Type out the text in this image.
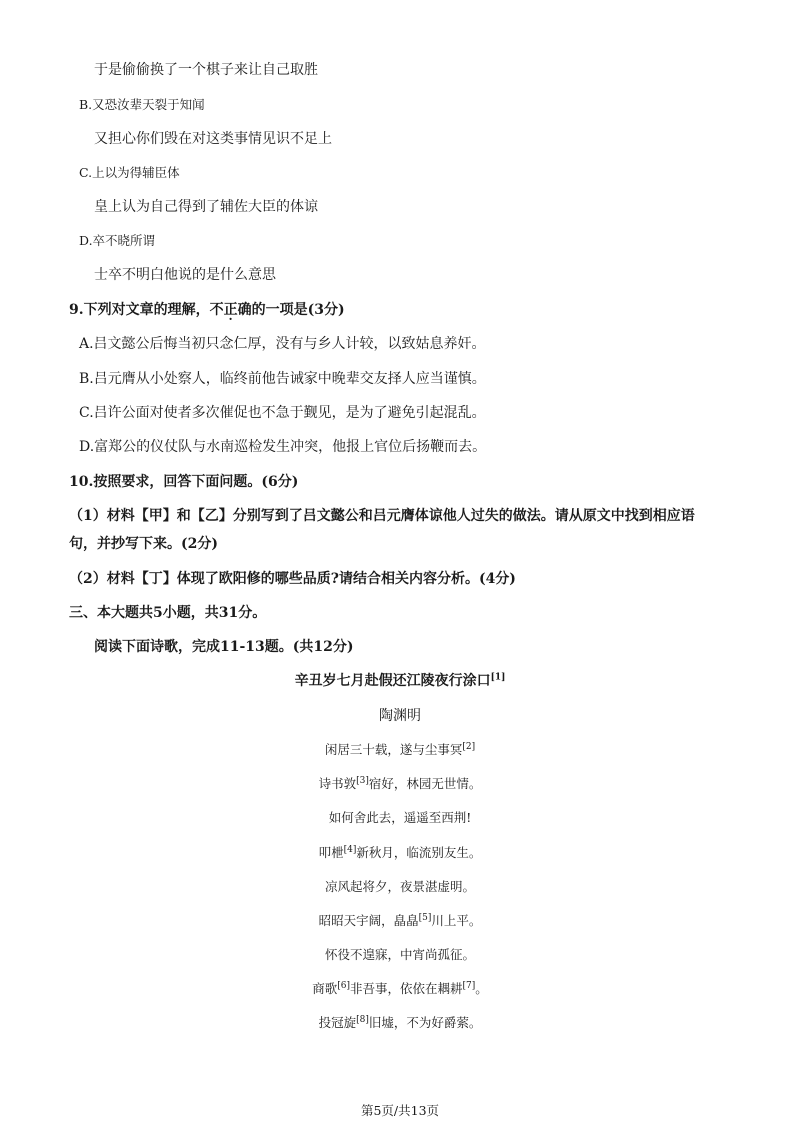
于是偷偷换了一个棋子来让自己取胜
B.又恐汝辈天裂于知闻
又担心你们毁在对这类事情见识不足上
C.上以为得辅臣体
皇上认为自己得到了辅佐大臣的体谅
D.卒不晓所谓
士卒不明白他说的是什么意思
9.下列对文章的理解，不正确的一项是(3分)
A.吕文懿公后悔当初只念仁厚，没有与乡人计较，以致姑息养奸。
B.吕元膺从小处察人，临终前他告诫家中晚辈交友择人应当谨慎。
C.吕许公面对使者多次催促也不急于觐见，是为了避免引起混乱。
D.富郑公的仪仗队与水南巡检发生冲突，他报上官位后扬鞭而去。
10.按照要求，回答下面问题。(6分)
（1）材料【甲】和【乙】分别写到了吕文懿公和吕元膺体谅他人过失的做法。请从原文中找到相应语
句，并抄写下来。(2分)
（2）材料【丁】体现了欧阳修的哪些品质?请结合相关内容分析。(4分)
三、本大题共5小题，共31分。
阅读下面诗歌，完成11-13题。(共12分)
辛丑岁七月赴假还江陵夜行涂口[1]
陶渊明
闲居三十载，遂与尘事冥[2]
诗书敦[3]宿好，林园无世情。
如何舍此去，遥遥至西荆!
叩枻[4]新秋月，临流别友生。
凉风起将夕，夜景湛虚明。
昭昭天宇阔，皛皛[5]川上平。
怀役不遑寐，中宵尚孤征。
商歌[6]非吾事，依依在耦耕[7]。
投冠旋[8]旧墟，不为好爵萦。
第5页/共13页
